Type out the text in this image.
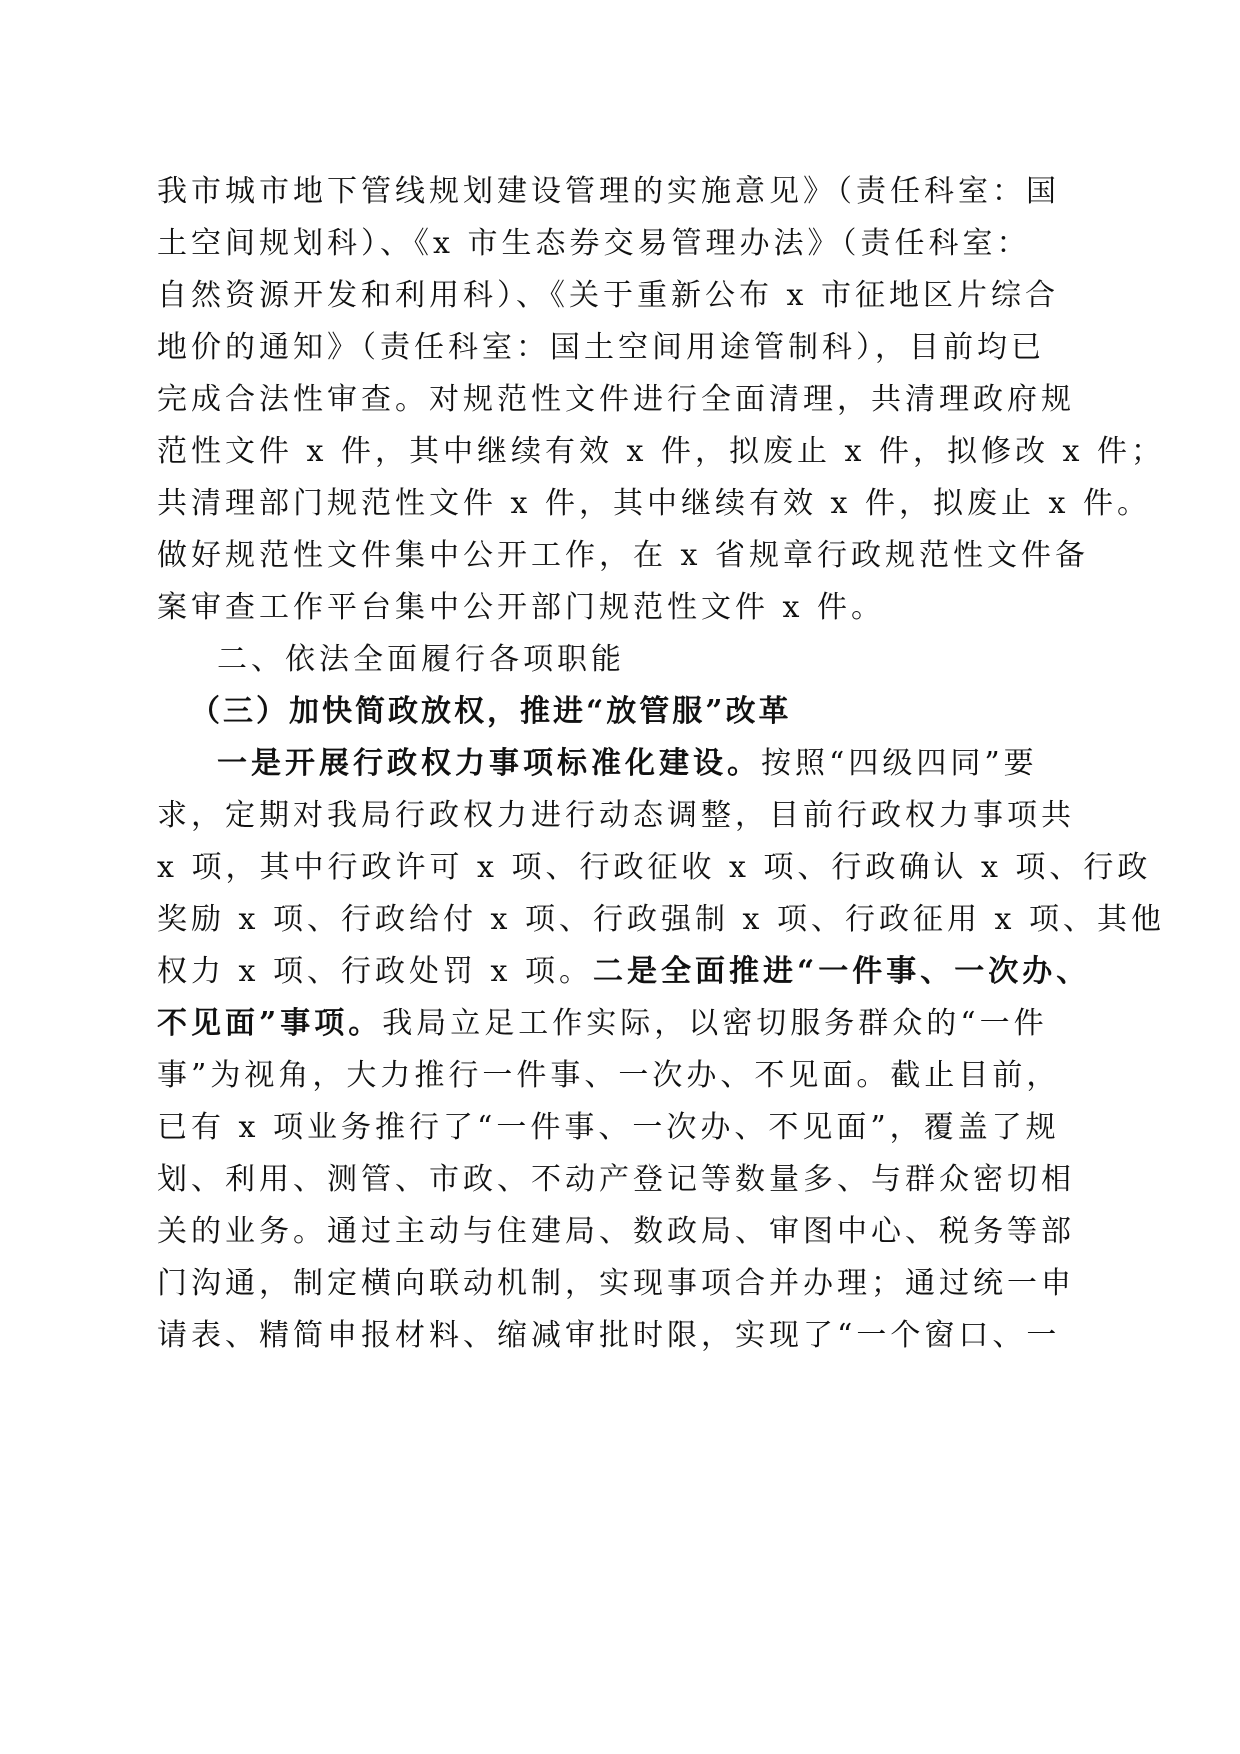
我市城市地下管线规划建设管理的实施意见》（责任科室：国
土空间规划科）、《x 市生态券交易管理办法》（责任科室：
自然资源开发和利用科）、《关于重新公布 x 市征地区片综合
地价的通知》（责任科室：国土空间用途管制科），目前均已
完成合法性审查。对规范性文件进行全面清理，共清理政府规
范性文件 x 件，其中继续有效 x 件，拟废止 x 件，拟修改 x 件；
共清理部门规范性文件 x 件，其中继续有效 x 件，拟废止 x 件。
做好规范性文件集中公开工作，在 x 省规章行政规范性文件备
案审查工作平台集中公开部门规范性文件 x 件。
二、依法全面履行各项职能
（三）加快简政放权，推进“放管服”改革
一是开展行政权力事项标准化建设。按照“四级四同”要
求，定期对我局行政权力进行动态调整，目前行政权力事项共
x 项，其中行政许可 x 项、行政征收 x 项、行政确认 x 项、行政
奖励 x 项、行政给付 x 项、行政强制 x 项、行政征用 x 项、其他
权力 x 项、行政处罚 x 项。二是全面推进“一件事、一次办、
不见面”事项。我局立足工作实际，以密切服务群众的“一件
事”为视角，大力推行一件事、一次办、不见面。截止目前，
已有 x 项业务推行了“一件事、一次办、不见面”，覆盖了规
划、利用、测管、市政、不动产登记等数量多、与群众密切相
关的业务。通过主动与住建局、数政局、审图中心、税务等部
门沟通，制定横向联动机制，实现事项合并办理；通过统一申
请表、精简申报材料、缩减审批时限，实现了“一个窗口、一
